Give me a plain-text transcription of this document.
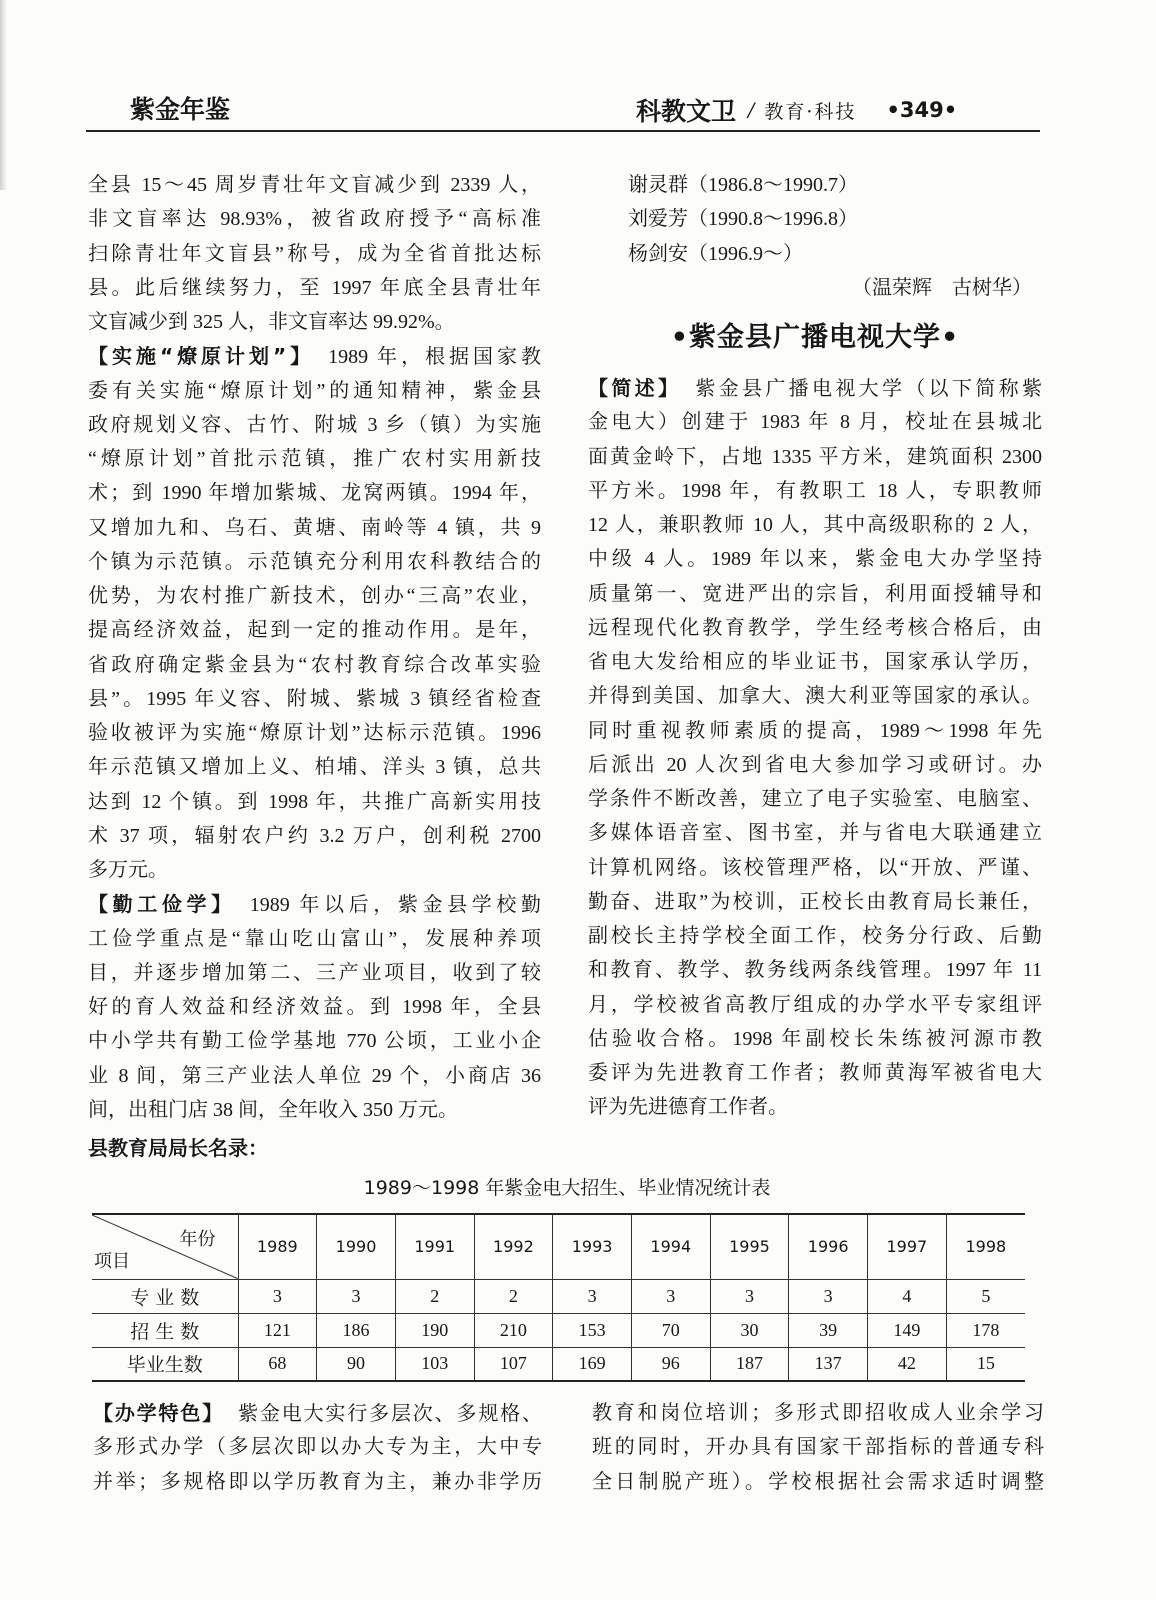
紫金年鉴	科教文卫 / 教育·科技 •349•
全县 15～45 周岁青壮年文盲减少到 2339 人，
非文盲率达 98.93%，被省政府授予“高标准
扫除青壮年文盲县”称号，成为全省首批达标
县。此后继续努力，至 1997 年底全县青壮年
文盲减少到 325 人，非文盲率达 99.92%。
【实施“燎原计划”】 1989 年，根据国家教
委有关实施“燎原计划”的通知精神，紫金县
政府规划义容、古竹、附城 3 乡（镇）为实施
“燎原计划”首批示范镇，推广农村实用新技
术；到 1990 年增加紫城、龙窝两镇。1994 年，
又增加九和、乌石、黄塘、南岭等 4 镇，共 9
个镇为示范镇。示范镇充分利用农科教结合的
优势，为农村推广新技术，创办“三高”农业，
提高经济效益，起到一定的推动作用。是年，
省政府确定紫金县为“农村教育综合改革实验
县”。1995 年义容、附城、紫城 3 镇经省检查
验收被评为实施“燎原计划”达标示范镇。1996
年示范镇又增加上义、柏埔、洋头 3 镇，总共
达到 12 个镇。到 1998 年，共推广高新实用技
术 37 项，辐射农户约 3.2 万户，创利税 2700
多万元。
【勤工俭学】 1989 年以后，紫金县学校勤
工俭学重点是“靠山吃山富山”，发展种养项
目，并逐步增加第二、三产业项目，收到了较
好的育人效益和经济效益。到 1998 年，全县
中小学共有勤工俭学基地 770 公顷，工业小企
业 8 间，第三产业法人单位 29 个，小商店 36
间，出租门店 38 间，全年收入 350 万元。
县教育局局长名录：
谢灵群（1986.8～1990.7）
刘爱芳（1990.8～1996.8）
杨剑安（1996.9～）
（温荣辉　古树华）
•紫金县广播电视大学•
【简述】 紫金县广播电视大学（以下简称紫
金电大）创建于 1983 年 8 月，校址在县城北
面黄金岭下，占地 1335 平方米，建筑面积 2300
平方米。1998 年，有教职工 18 人，专职教师
12 人，兼职教师 10 人，其中高级职称的 2 人，
中级 4 人。1989 年以来，紫金电大办学坚持
质量第一、宽进严出的宗旨，利用面授辅导和
远程现代化教育教学，学生经考核合格后，由
省电大发给相应的毕业证书，国家承认学历，
并得到美国、加拿大、澳大利亚等国家的承认。
同时重视教师素质的提高，1989～1998 年先
后派出 20 人次到省电大参加学习或研讨。办
学条件不断改善，建立了电子实验室、电脑室、
多媒体语音室、图书室，并与省电大联通建立
计算机网络。该校管理严格，以“开放、严谨、
勤奋、进取”为校训，正校长由教育局长兼任，
副校长主持学校全面工作，校务分行政、后勤
和教育、教学、教务线两条线管理。1997 年 11
月，学校被省高教厅组成的办学水平专家组评
估验收合格。1998 年副校长朱练被河源市教
委评为先进教育工作者；教师黄海军被省电大
评为先进德育工作者。
1989～1998 年紫金电大招生、毕业情况统计表
年份
项目	1989	1990	1991	1992	1993	1994	1995	1996	1997	1998
专 业 数	3	3	2	2	3	3	3	3	4	5
招 生 数	121	186	190	210	153	70	30	39	149	178
毕业生数	68	90	103	107	169	96	187	137	42	15
【办学特色】 紫金电大实行多层次、多规格、
多形式办学（多层次即以办大专为主，大中专
并举；多规格即以学历教育为主，兼办非学历
教育和岗位培训；多形式即招收成人业余学习
班的同时，开办具有国家干部指标的普通专科
全日制脱产班）。学校根据社会需求适时调整
